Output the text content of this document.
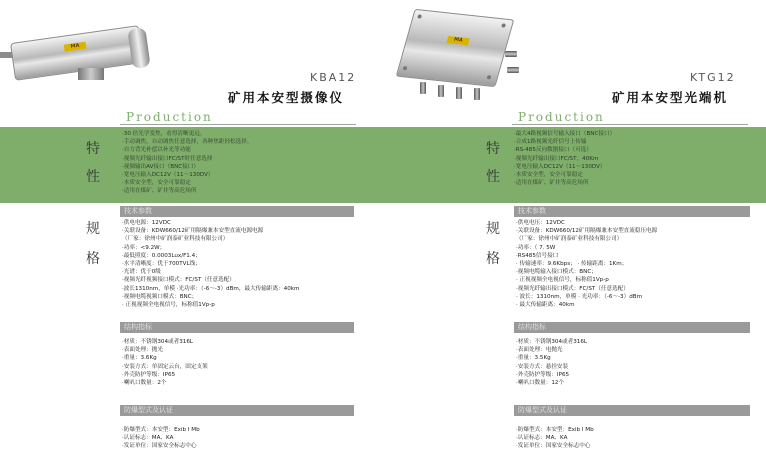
MA
KBA12
矿用本安型摄像仪
Production
特
性
·30 倍光学变焦，看得清晰更远。
·手动调焦，自动调焦任意选择，各种焦距轻松选择。
·自力背光补偿以补光等功能
·视频光纤输出接口FC/ST时任意选择
·视频输出AV接口（BNC接口）
·宽电压输入DC12V（11～130DV）
·本质安全型，安全可靠稳定
·适用在煤矿、矿井等高危场所
规
格
技术参数
·供电电源：12VDC
·关联设备：KDW660/12矿用隔爆兼本安型直流电源电源
（厂家：徐州中矿润泰矿业科技有限公司）
·功率：<9.2W；
·最低照度：0.0003Lux/F1.4；
·水平清晰度：优于700TVL线；
·光谱：优于0级
·视频光纤视频接口模式：FC/ST（任意选配）
·波长1310nm，单模 ·光功率：（-6～-3）dBm，最大传输距离：40km
·视频电缆视频口模式：BNC；
· 正视视频全电视信号，标称值1Vp-p
结构指标
·材质：不锈钢304或者316L
·表面处理：抛光
·重量：3.6Kg
·安装方式：单固定云台，固定支架
·外壳防护等级：IP65
·喇叭口数量：2个
防爆型式及认证
·防爆型式：本安型：Exib I Mb
·认证标志：MA、KA
·发证单位：国家安全标志中心
MA
KTG12
矿用本安型光端机
Production
特
性
·最大4路视频信号输入接口（BNC接口）
·合成1路视频光纤信号上传输
·RS-485反向数据接口（可选）
·视频光纤输出接口FC/ST，40Km
·宽电压输入DC12V（11～130DV）
·本质安全型，安全可靠稳定
·适用在煤矿、矿井等高危场所
规
格
技术参数
·供电电压：12VDC
·关联设备：KDW660/12矿用隔爆兼本安型直流稳压电源
（厂家：徐州中矿润泰矿业科技有限公司）
·功率：（ 7. 5W
·RS485信号接口
· 传输速率：9.6Kbps； · 传输距离：1Km；
·视频电缆输入接口模式：BNC；
· 正视视频全电视信号，标称值1Vp-p
·视频光纤输出接口模式：FC/ST（任意选配）
· 波长：1310nm，单模 · 光功率：（-6～-3）dBm
· 最大传输距离：40km
结构指标
·材质：不锈钢304或者316L
·表面处理：电抛光
·重量：3.5Kg
·安装方式：悬挂安装
·外壳防护等级：IP65
·喇叭口数量：12个
防爆型式及认证
·防爆型式：本安型：Exib I Mb
·认证标志：MA、KA
·发证单位：国家安全标志中心
